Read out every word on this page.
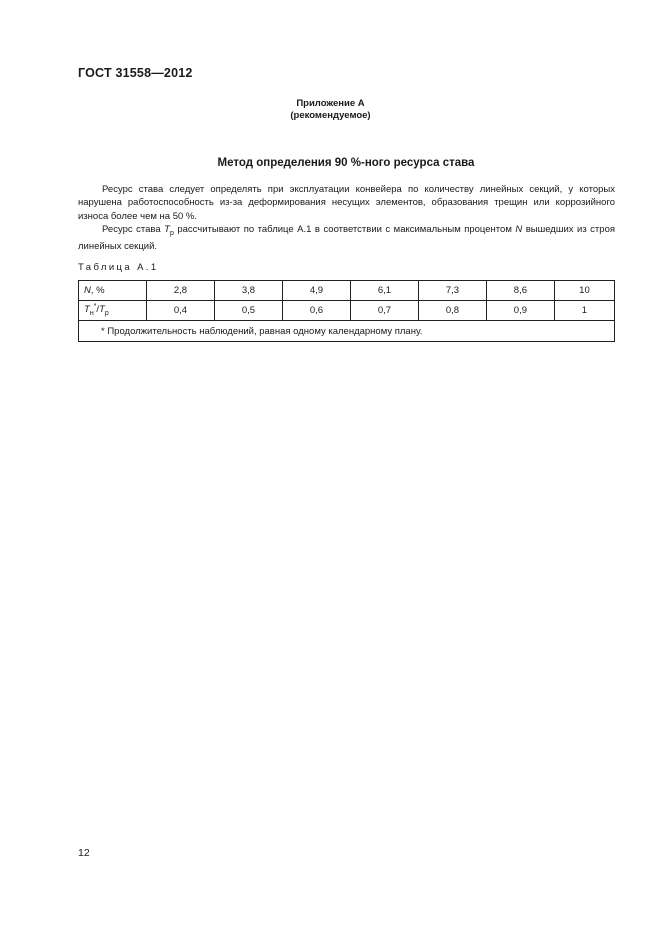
ГОСТ 31558—2012
Приложение А
(рекомендуемое)
Метод определения 90 %-ного ресурса става

Ресурс става следует определять при эксплуатации конвейера по количеству линейных секций, у которых нарушена работоспособность из-за деформирования несущих элементов, образования трещин или коррозийного износа более чем на 50 %.

Ресурс става $T_р$ рассчитывают по таблице А.1 в соответствии с максимальным процентом N вышедших из строя линейных секций.

Таблица А.1
N, %	2,8	3,8	4,9	6,1	7,3	8,6	10
$T_н^*/T_р$	0,4	0,5	0,6	0,7	0,8	0,9	1
* Продолжительность наблюдений, равная одному календарному плану.							
12
